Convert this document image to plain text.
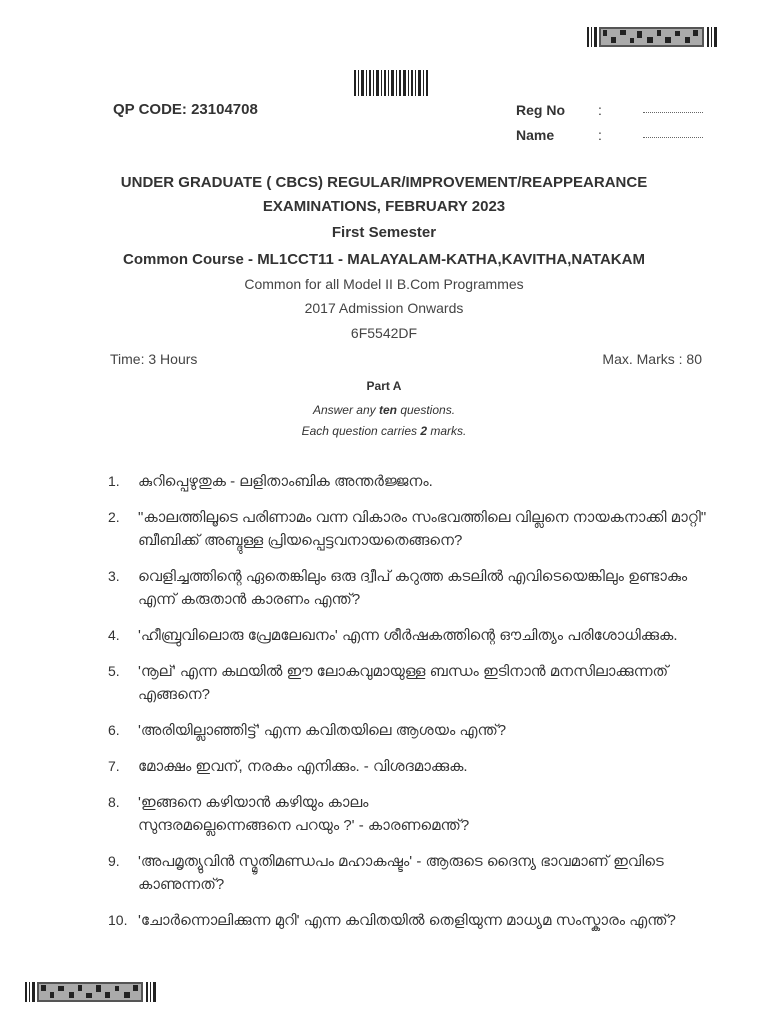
QP CODE: 23104708	Reg No :
Name	:
UNDER GRADUATE ( CBCS) REGULAR/IMPROVEMENT/REAPPEARANCE
EXAMINATIONS, FEBRUARY 2023
First Semester
Common Course - ML1CCT11 - MALAYALAM-KATHA,KAVITHA,NATAKAM
Common for all Model II B.Com Programmes
2017 Admission Onwards
6F5542DF
Time: 3 Hours	Max. Marks : 80
Part A
Answer any ten questions.
Each question carries 2 marks.
1.	കുറിപ്പെഴുതുക - ലളിതാംബിക അന്തർജ്ജനം.
2.	"കാലത്തിലൂടെ പരിണാമം വന്ന വികാരം സംഭവത്തിലെ വില്ലനെ നായകനാക്കി മാറ്റി" ബീബിക്ക് അബ്ദുള്ള പ്രിയപ്പെട്ടവനായതെങ്ങനെ?
3.	വെളിച്ചത്തിന്റെ ഏതെങ്കിലും ഒരു ദ്വീപ് കറുത്ത കടലിൽ എവിടെയെങ്കിലും ഉണ്ടാകും എന്ന് കരുതാൻ കാരണം എന്ത്?
4.	'ഹീബ്രുവിലൊരു പ്രേമലേഖനം' എന്ന ശീർഷകത്തിന്റെ ഔചിത്യം പരിശോധിക്കുക.
5.	'നൂല്' എന്ന കഥയിൽ ഈ ലോകവുമായുള്ള ബന്ധം ഇടിനാൻ മനസിലാക്കുന്നത് എങ്ങനെ?
6.	'അരിയില്ലാഞ്ഞിട്ട്' എന്ന കവിതയിലെ ആശയം എന്ത്?
7.	മോക്ഷം ഇവന്, നരകം എനിക്കും. - വിശദമാക്കുക.
8.	'ഇങ്ങനെ കഴിയാൻ കഴിയും കാലം
സുന്ദരമല്ലെന്നെങ്ങനെ പറയും ?' - കാരണമെന്ത്?
9.	'അപമൃത്യുവിൻ സ്മൃതിമണ്ഡപം മഹാകഷ്ടം' - ആരുടെ ദൈന്യ ഭാവമാണ് ഇവിടെ കാണുന്നത്?
10. 'ചോർന്നൊലിക്കുന്ന മുറി' എന്ന കവിതയിൽ തെളിയുന്ന മാധ്യമ സംസ്കാരം എന്ത്?
